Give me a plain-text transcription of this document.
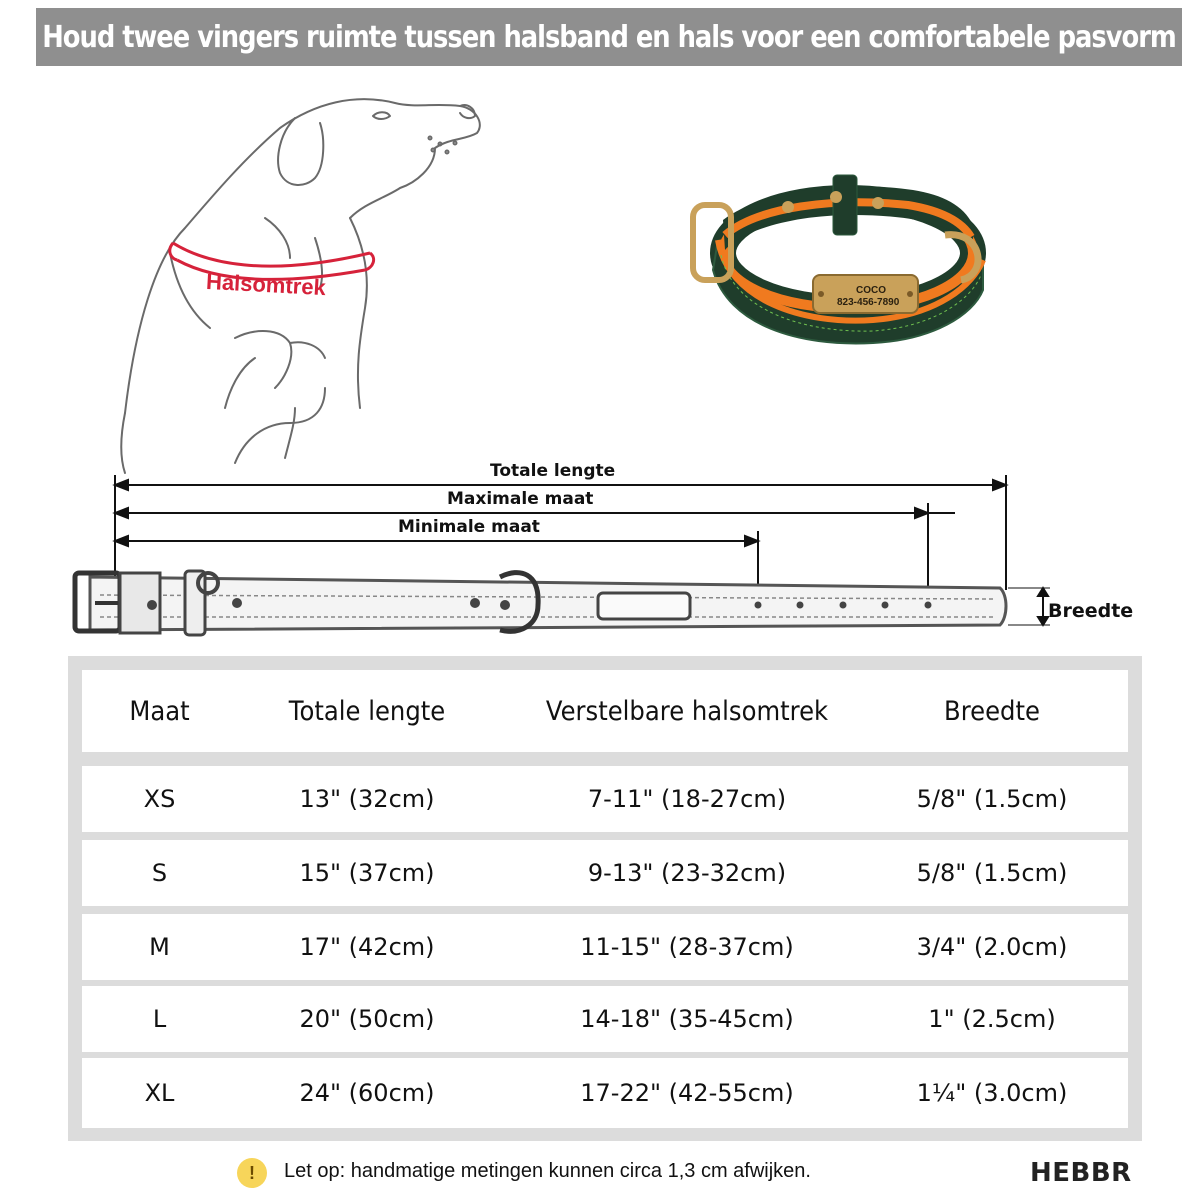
Houd twee vingers ruimte tussen halsband en hals voor een comfortabele pasvorm
Halsomtrek	COCO
823-456-7890
Totale lengte
Maximale maat
Minimale maat
Breedte
Maat	Totale lengte	Verstelbare halsomtrek	Breedte
XS	13" (32cm)	7-11" (18-27cm)	5/8" (1.5cm)
S	15" (37cm)	9-13" (23-32cm)	5/8" (1.5cm)
M	17" (42cm)	11-15" (28-37cm)	3/4" (2.0cm)
L	20" (50cm)	14-18" (35-45cm)	1" (2.5cm)
XL	24" (60cm)	17-22" (42-55cm)	1¼" (3.0cm)
!	Let op: handmatige metingen kunnen circa 1,3 cm afwijken.	HEBBR
